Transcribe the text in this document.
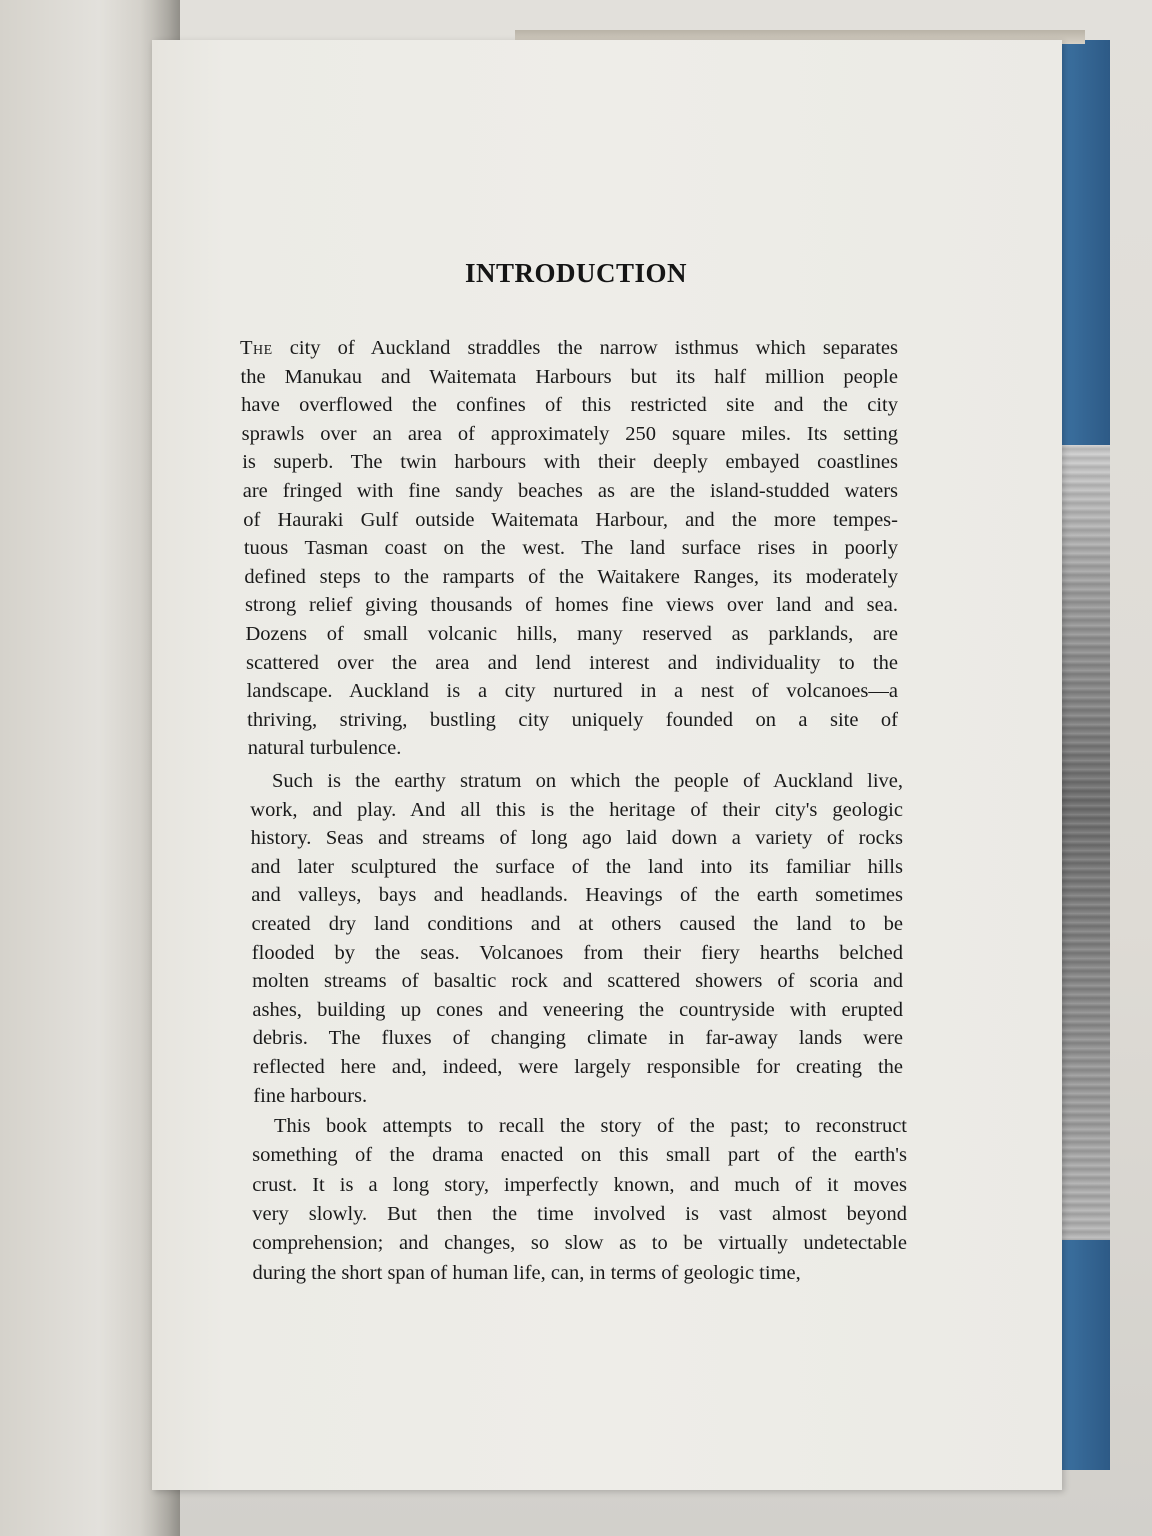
INTRODUCTION
The city of Auckland straddles the narrow isthmus which separates
the Manukau and Waitemata Harbours but its half million people
have overflowed the confines of this restricted site and the city
sprawls over an area of approximately 250 square miles. Its setting
is superb. The twin harbours with their deeply embayed coastlines
are fringed with fine sandy beaches as are the island-studded waters
of Hauraki Gulf outside Waitemata Harbour, and the more tempes-
tuous Tasman coast on the west. The land surface rises in poorly
defined steps to the ramparts of the Waitakere Ranges, its moderately
strong relief giving thousands of homes fine views over land and sea.
Dozens of small volcanic hills, many reserved as parklands, are
scattered over the area and lend interest and individuality to the
landscape. Auckland is a city nurtured in a nest of volcanoes—a
thriving, striving, bustling city uniquely founded on a site of
natural turbulence.
Such is the earthy stratum on which the people of Auckland live,
work, and play. And all this is the heritage of their city's geologic
history. Seas and streams of long ago laid down a variety of rocks
and later sculptured the surface of the land into its familiar hills
and valleys, bays and headlands. Heavings of the earth sometimes
created dry land conditions and at others caused the land to be
flooded by the seas. Volcanoes from their fiery hearths belched
molten streams of basaltic rock and scattered showers of scoria and
ashes, building up cones and veneering the countryside with erupted
debris. The fluxes of changing climate in far-away lands were
reflected here and, indeed, were largely responsible for creating the
fine harbours.
This book attempts to recall the story of the past; to reconstruct
something of the drama enacted on this small part of the earth's
crust. It is a long story, imperfectly known, and much of it moves
very slowly. But then the time involved is vast almost beyond
comprehension; and changes, so slow as to be virtually undetectable
during the short span of human life, can, in terms of geologic time,
